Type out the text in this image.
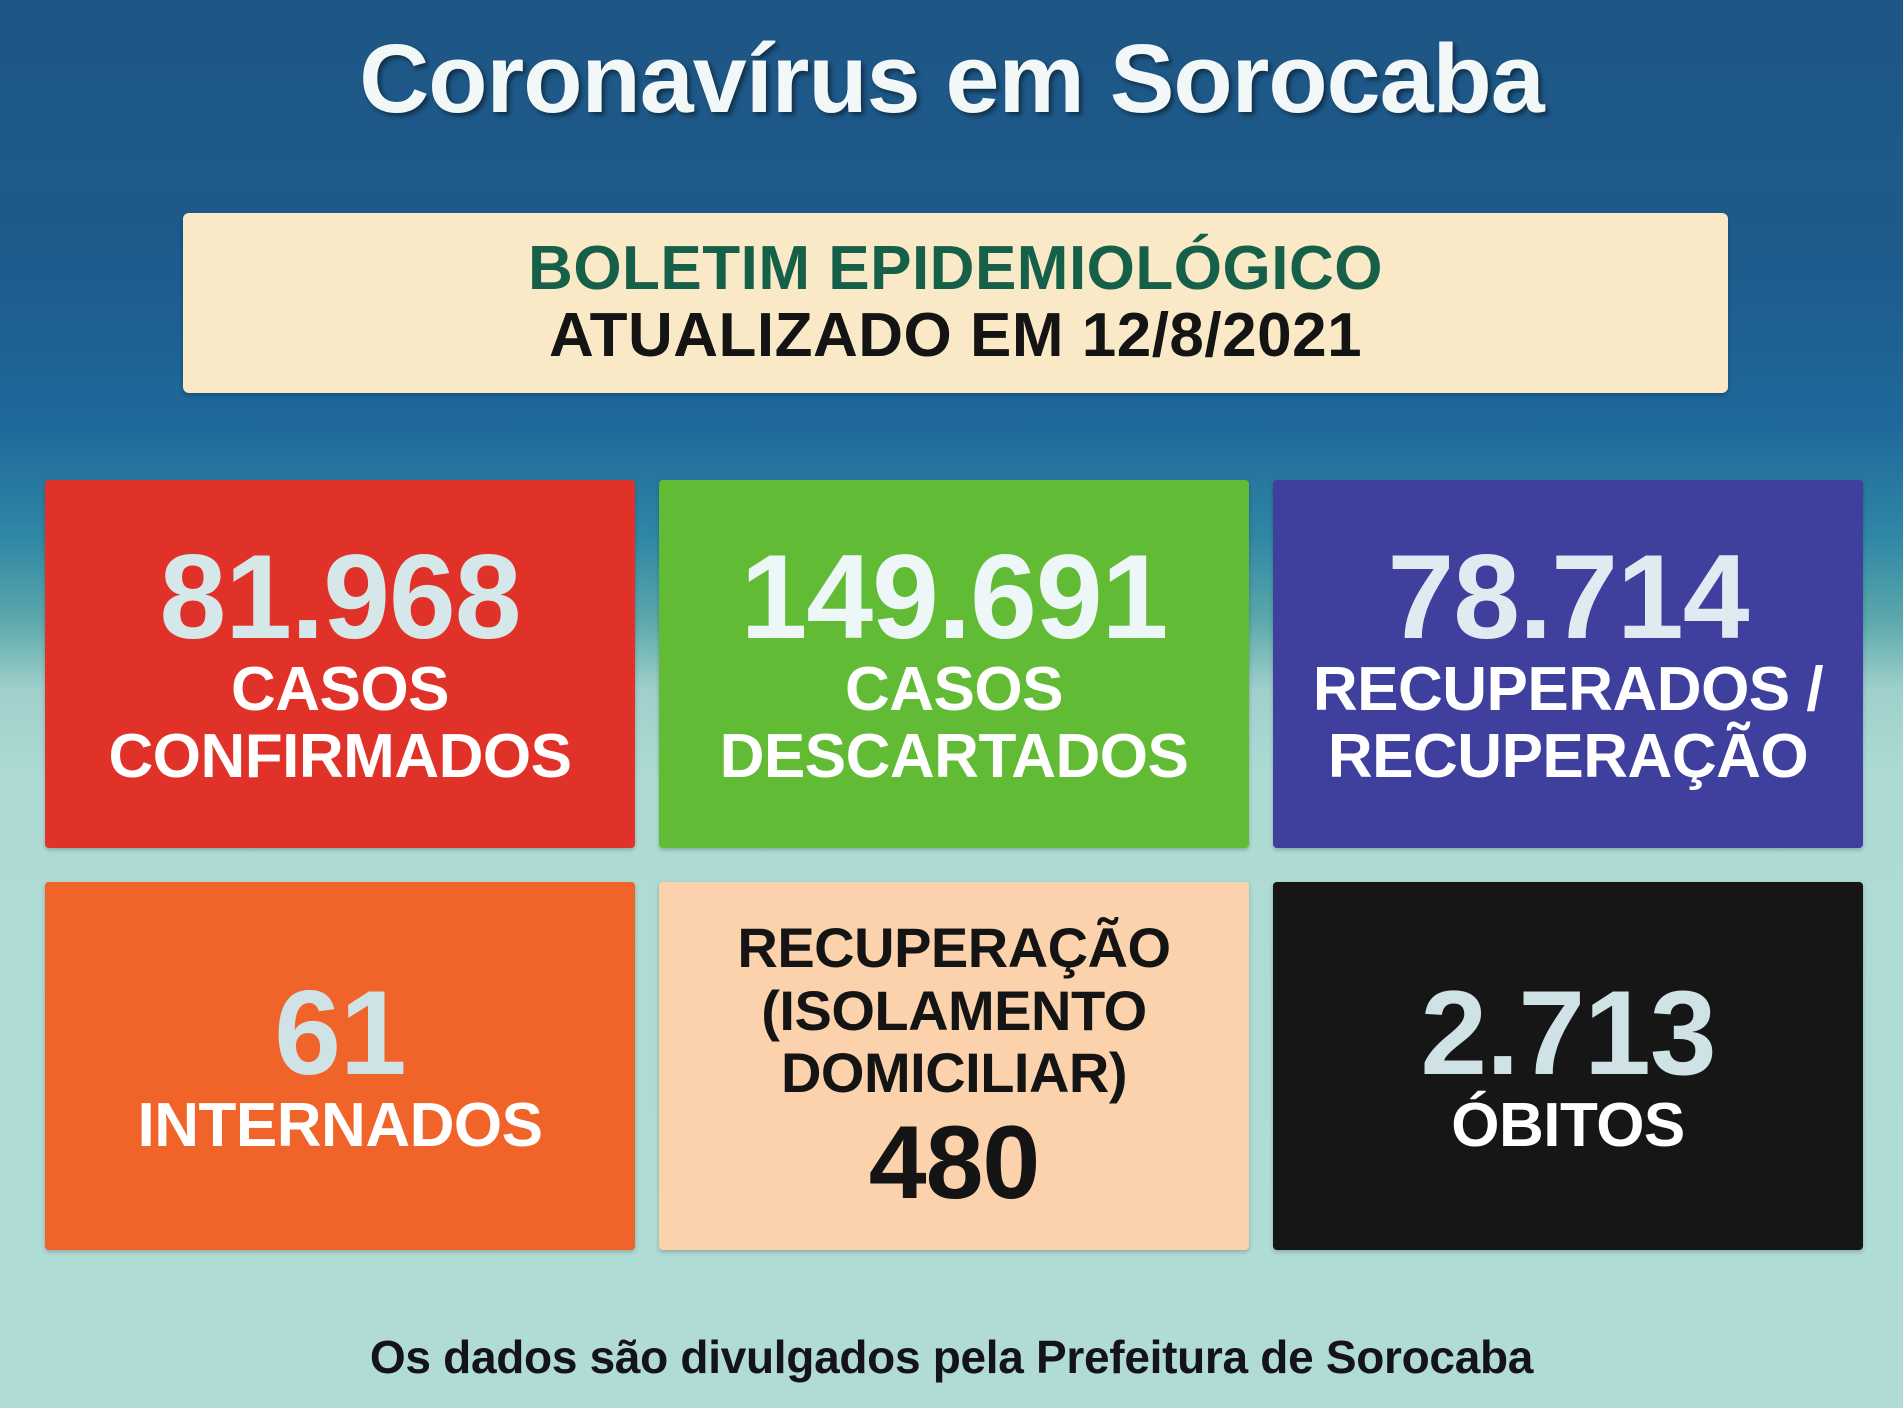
Coronavírus em Sorocaba
BOLETIM EPIDEMIOLÓGICO
ATUALIZADO EM 12/8/2021
81.968
CASOS CONFIRMADOS
149.691
CASOS DESCARTADOS
78.714
RECUPERADOS / RECUPERAÇÃO
61
INTERNADOS
RECUPERAÇÃO (ISOLAMENTO DOMICILIAR)
480
2.713
ÓBITOS
Os dados são divulgados pela Prefeitura de Sorocaba
